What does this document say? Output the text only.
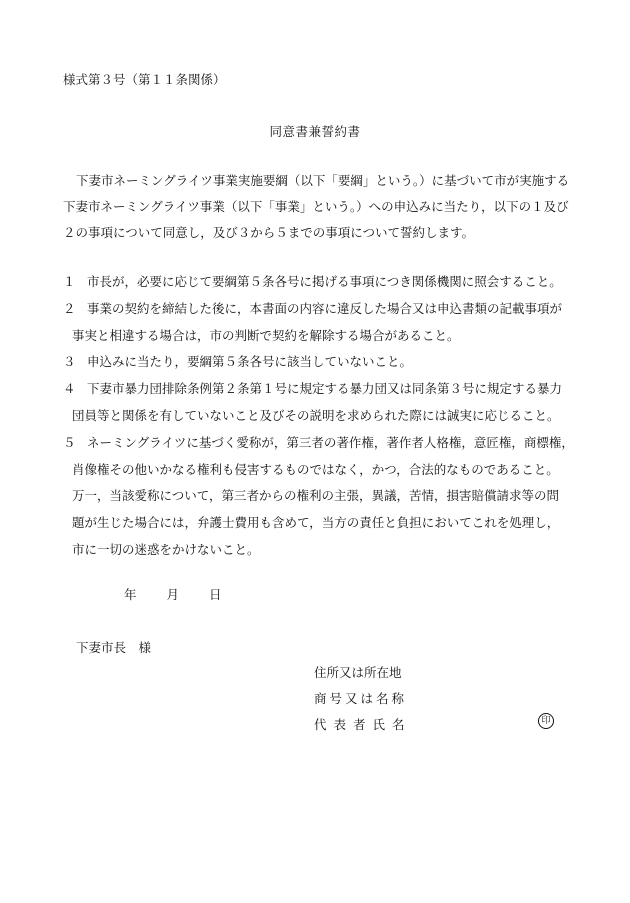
様式第３号（第１１条関係）
同意書兼誓約書
下妻市ネーミングライツ事業実施要綱（以下「要綱」という。）に基づいて市が実施する
下妻市ネーミングライツ事業（以下「事業」という。）への申込みに当たり，以下の１及び
２の事項について同意し，及び３から５までの事項について誓約します。
１ 市長が，必要に応じて要綱第５条各号に掲げる事項につき関係機関に照会すること。
２ 事業の契約を締結した後に，本書面の内容に違反した場合又は申込書類の記載事項が
事実と相違する場合は，市の判断で契約を解除する場合があること。
３ 申込みに当たり，要綱第５条各号に該当していないこと。
４ 下妻市暴力団排除条例第２条第１号に規定する暴力団又は同条第３号に規定する暴力
団員等と関係を有していないこと及びその説明を求められた際には誠実に応じること。
５ ネーミングライツに基づく愛称が，第三者の著作権，著作者人格権，意匠権，商標権，
肖像権その他いかなる権利も侵害するものではなく，かつ，合法的なものであること。
万一，当該愛称について，第三者からの権利の主張，異議，苦情，損害賠償請求等の問
題が生じた場合には，弁護士費用も含めて，当方の責任と負担においてこれを処理し，
市に一切の迷惑をかけないこと。
年 月 日
下妻市長　様
住所又は所在地
商号又は名称
代表者氏名	印
